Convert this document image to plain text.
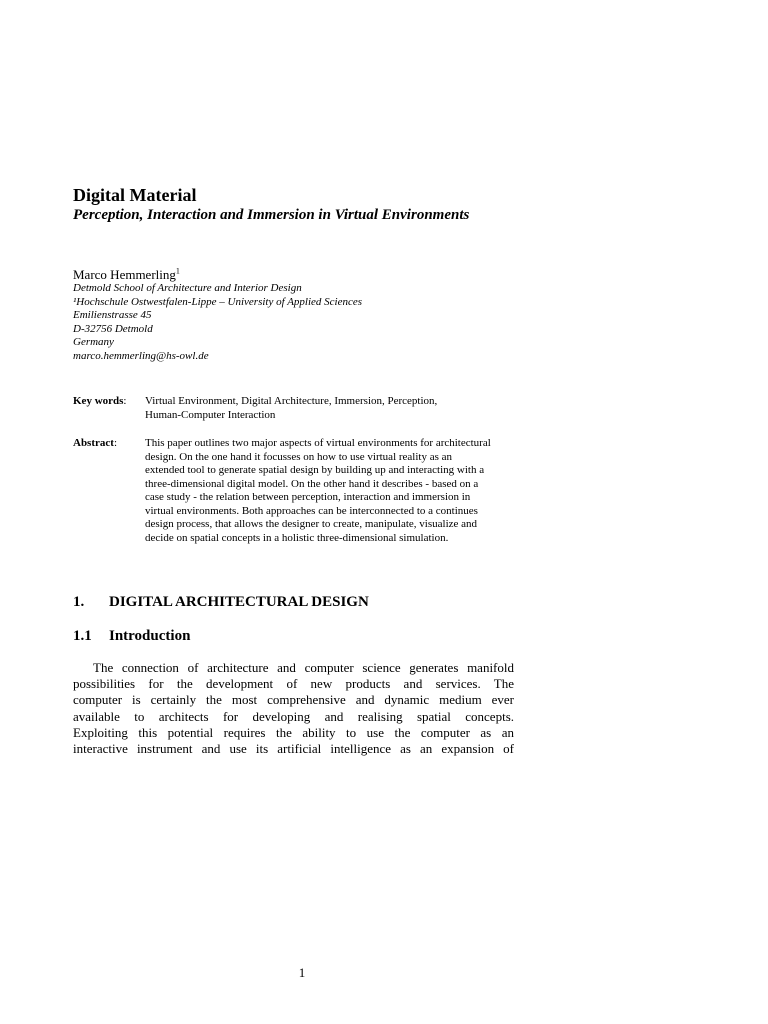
Digital Material
Perception, Interaction and Immersion in Virtual Environments
Marco Hemmerling$^1$
Detmold School of Architecture and Interior Design
¹Hochschule Ostwestfalen-Lippe – University of Applied Sciences
Emilienstrasse 45
D-32756 Detmold
Germany
marco.hemmerling@hs-owl.de
Key words: Virtual Environment, Digital Architecture, Immersion, Perception,
Human-Computer Interaction
Abstract:	This paper outlines two major aspects of virtual environments for architectural
design. On the one hand it focusses on how to use virtual reality as an
extended tool to generate spatial design by building up and interacting with a
three-dimensional digital model. On the other hand it describes - based on a
case study - the relation between perception, interaction and immersion in
virtual environments. Both approaches can be interconnected to a continues
design process, that allows the designer to create, manipulate, visualize and
decide on spatial concepts in a holistic three-dimensional simulation.
1. DIGITAL ARCHITECTURAL DESIGN
1.1 Introduction
The connection of architecture and computer science generates manifold
possibilities for the development of new products and services. The
computer is certainly the most comprehensive and dynamic medium ever
available to architects for developing and realising spatial concepts.
Exploiting this potential requires the ability to use the computer as an
interactive instrument and use its artificial intelligence as an expansion of
1
